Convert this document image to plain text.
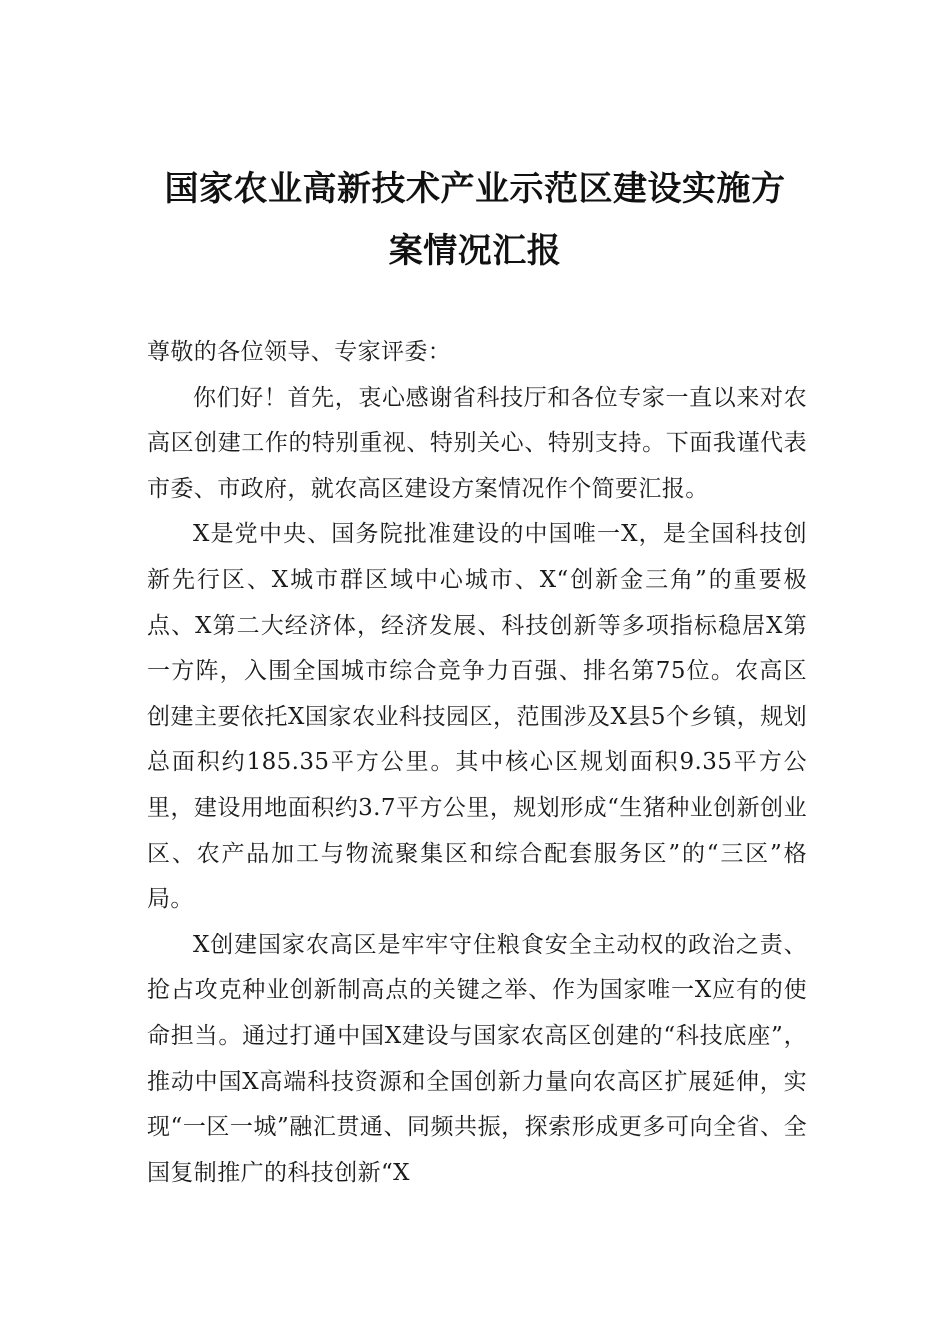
国家农业高新技术产业示范区建设实施方
案情况汇报

尊敬的各位领导、专家评委：

你们好！首先，衷心感谢省科技厅和各位专家一直以来对农高区创建工作的特别重视、特别关心、特别支持。下面我谨代表市委、市政府，就农高区建设方案情况作个简要汇报。

X是党中央、国务院批准建设的中国唯一X，是全国科技创新先行区、X城市群区域中心城市、X“创新金三角”的重要极点、X第二大经济体，经济发展、科技创新等多项指标稳居X第一方阵，入围全国城市综合竞争力百强、排名第75位。农高区创建主要依托X国家农业科技园区，范围涉及X县5个乡镇，规划总面积约185.35平方公里。其中核心区规划面积9.35平方公里，建设用地面积约3.7平方公里，规划形成“生猪种业创新创业区、农产品加工与物流聚集区和综合配套服务区”的“三区”格局。

X创建国家农高区是牢牢守住粮食安全主动权的政治之责、抢占攻克种业创新制高点的关键之举、作为国家唯一X应有的使命担当。通过打通中国X建设与国家农高区创建的“科技底座”，推动中国X高端科技资源和全国创新力量向农高区扩展延伸，实现“一区一城”融汇贯通、同频共振，探索形成更多可向全省、全国复制推广的科技创新“X
